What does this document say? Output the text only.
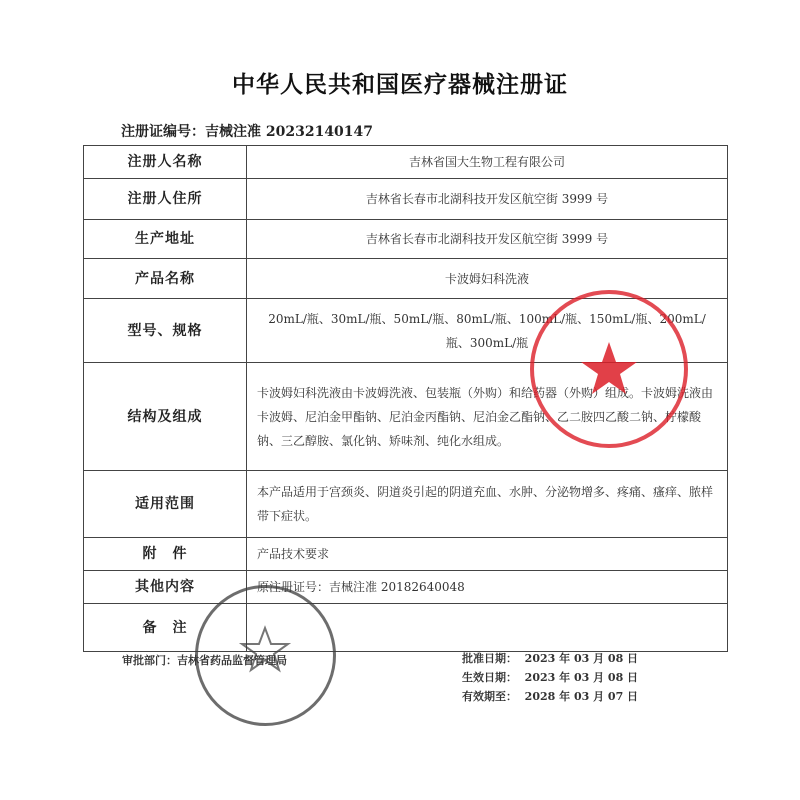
中华人民共和国医疗器械注册证
注册证编号：吉械注准 20232140147
注册人名称	吉林省国大生物工程有限公司
注册人住所	吉林省长春市北湖科技开发区航空街 3999 号
生产地址	吉林省长春市北湖科技开发区航空街 3999 号
产品名称	卡波姆妇科洗液
型号、规格	20mL/瓶、30mL/瓶、50mL/瓶、80mL/瓶、100mL/瓶、150mL/瓶、200mL/瓶、300mL/瓶
结构及组成	卡波姆妇科洗液由卡波姆洗液、包装瓶（外购）和给药器（外购）组成。卡波姆洗液由卡波姆、尼泊金甲酯钠、尼泊金丙酯钠、尼泊金乙酯钠、乙二胺四乙酸二钠、柠檬酸钠、三乙醇胺、氯化钠、矫味剂、纯化水组成。
适用范围	本产品适用于宫颈炎、阴道炎引起的阴道充血、水肿、分泌物增多、疼痛、瘙痒、脓样带下症状。
附　件	产品技术要求
其他内容	原注册证号：吉械注准 20182640048
备　注	
审批部门：吉林省药品监督管理局	批准日期： 2023 年 03 月 08 日
生效日期： 2023 年 03 月 08 日
有效期至： 2028 年 03 月 07 日
